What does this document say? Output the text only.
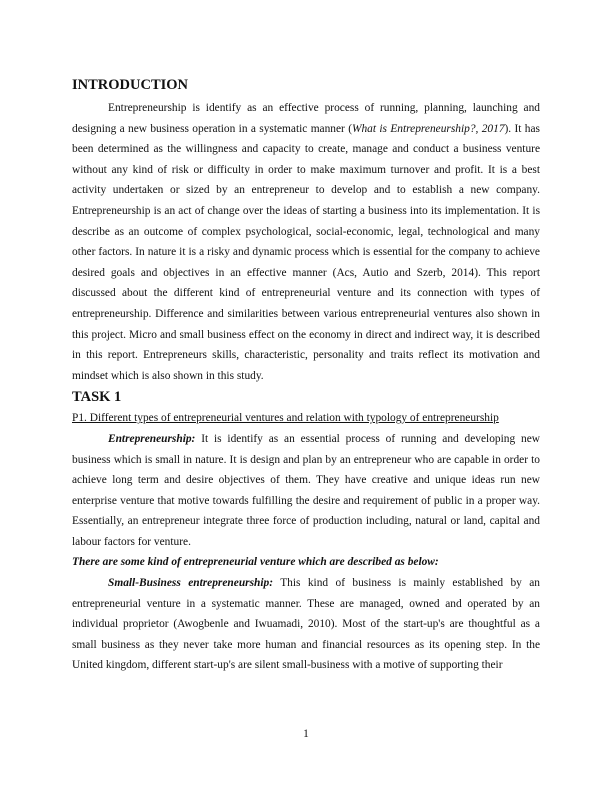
INTRODUCTION

Entrepreneurship is identify as an effective process of running, planning, launching and designing a new business operation in a systematic manner (What is Entrepreneurship?, 2017). It has been determined as the willingness and capacity to create, manage and conduct a business venture without any kind of risk or difficulty in order to make maximum turnover and profit. It is a best activity undertaken or sized by an entrepreneur to develop and to establish a new company. Entrepreneurship is an act of change over the ideas of starting a business into its implementation. It is describe as an outcome of complex psychological, social-economic, legal, technological and many other factors. In nature it is a risky and dynamic process which is essential for the company to achieve desired goals and objectives in an effective manner (Acs, Autio and Szerb, 2014). This report discussed about the different kind of entrepreneurial venture and its connection with types of entrepreneurship. Difference and similarities between various entrepreneurial ventures also shown in this project. Micro and small business effect on the economy in direct and indirect way, it is described in this report. Entrepreneurs skills, characteristic, personality and traits reflect its motivation and mindset which is also shown in this study.

TASK 1

P1. Different types of entrepreneurial ventures and relation with typology of entrepreneurship

Entrepreneurship: It is identify as an essential process of running and developing new business which is small in nature. It is design and plan by an entrepreneur who are capable in order to achieve long term and desire objectives of them. They have creative and unique ideas run new enterprise venture that motive towards fulfilling the desire and requirement of public in a proper way. Essentially, an entrepreneur integrate three force of production including, natural or land, capital and labour factors for venture.

There are some kind of entrepreneurial venture which are described as below:

Small-Business entrepreneurship: This kind of business is mainly established by an entrepreneurial venture in a systematic manner. These are managed, owned and operated by an individual proprietor (Awogbenle and Iwuamadi, 2010). Most of the start-up's are thoughtful as a small business as they never take more human and financial resources as its opening step. In the United kingdom, different start-up's are silent small-business with a motive of supporting their

1
